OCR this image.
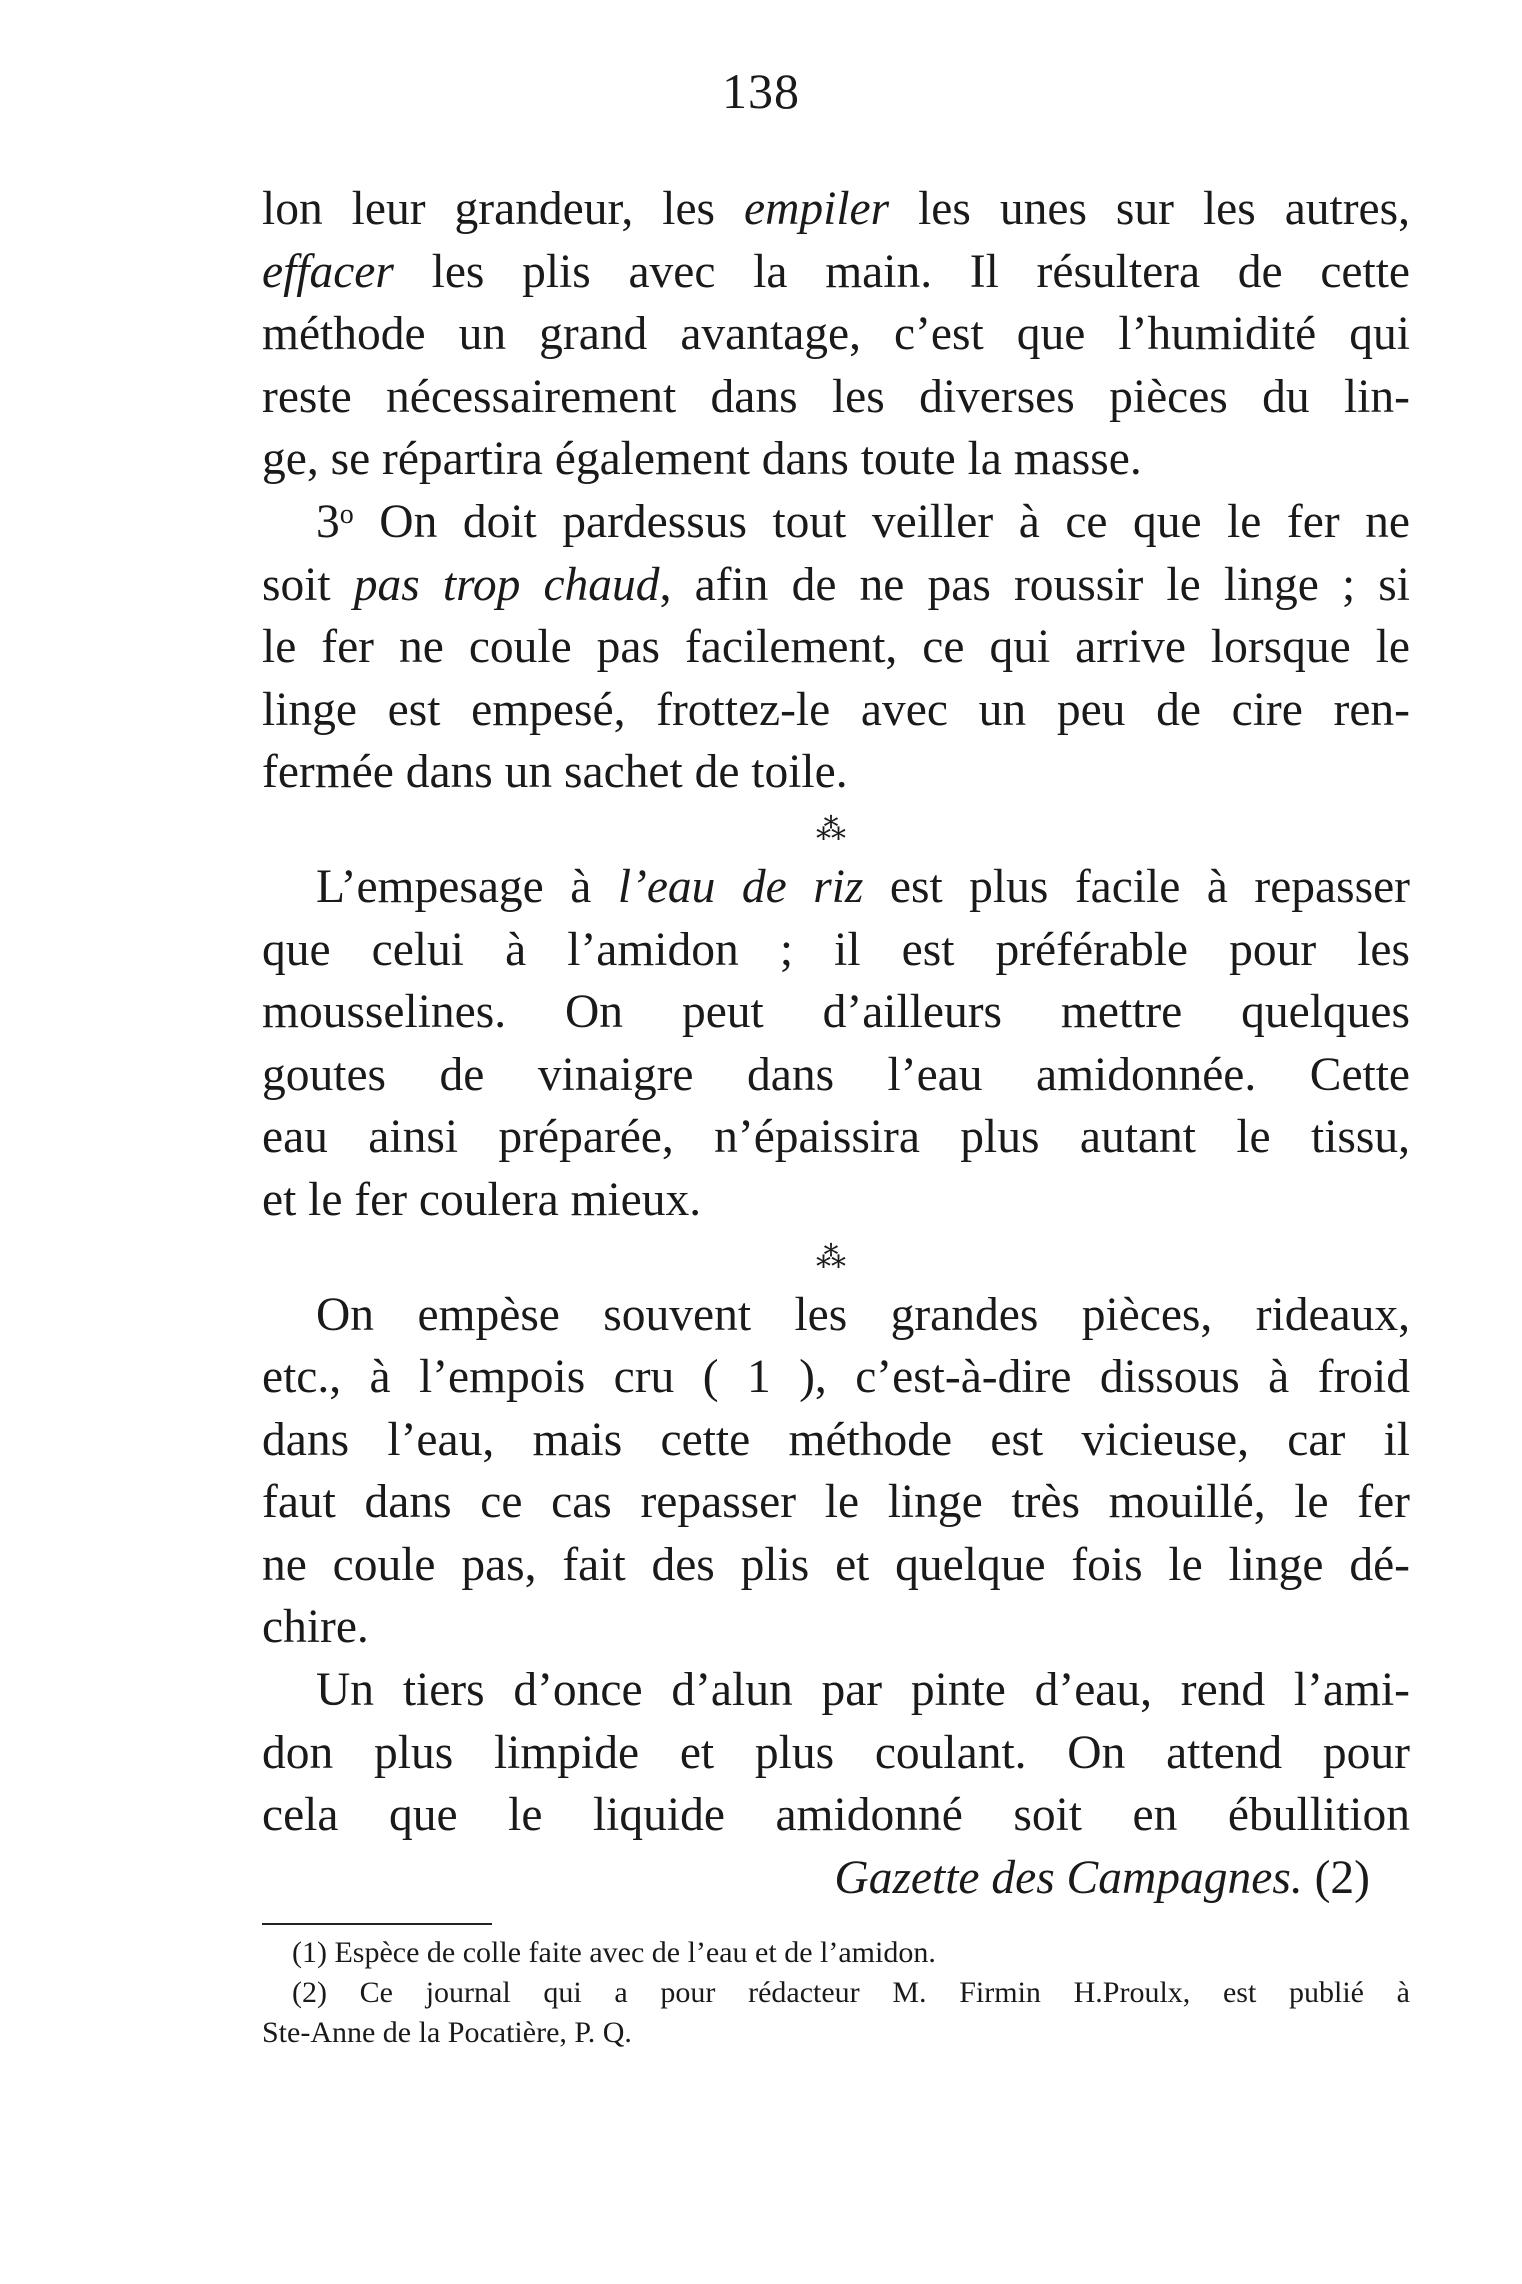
138

lon leur grandeur, les empiler les unes sur les autres,
effacer les plis avec la main. Il résultera de cette
méthode un grand avantage, c’est que l’humidité qui
reste nécessairement dans les diverses pièces du lin-
ge, se répartira également dans toute la masse.
3$^o$ On doit pardessus tout veiller à ce que le fer ne
soit pas trop chaud, afin de ne pas roussir le linge ; si
le fer ne coule pas facilement, ce qui arrive lorsque le
linge est empesé, frottez-le avec un peu de cire ren-
fermée dans un sachet de toile.
⁂
L’empesage à l’eau de riz est plus facile à repasser
que celui à l’amidon ; il est préférable pour les
mousselines. On peut d’ailleurs mettre quelques
goutes de vinaigre dans l’eau amidonnée. Cette
eau ainsi préparée, n’épaissira plus autant le tissu,
et le fer coulera mieux.
⁂
On empèse souvent les grandes pièces, rideaux,
etc., à l’empois cru ( 1 ), c’est-à-dire dissous à froid
dans l’eau, mais cette méthode est vicieuse, car il
faut dans ce cas repasser le linge très mouillé, le fer
ne coule pas, fait des plis et quelque fois le linge dé-
chire.
Un tiers d’once d’alun par pinte d’eau, rend l’ami-
don plus limpide et plus coulant. On attend pour
cela que le liquide amidonné soit en ébullition
Gazette des Campagnes. (2)
(1) Espèce de colle faite avec de l’eau et de l’amidon.
(2) Ce journal qui a pour rédacteur M. Firmin H.Proulx, est publié à
Ste-Anne de la Pocatière, P. Q.
